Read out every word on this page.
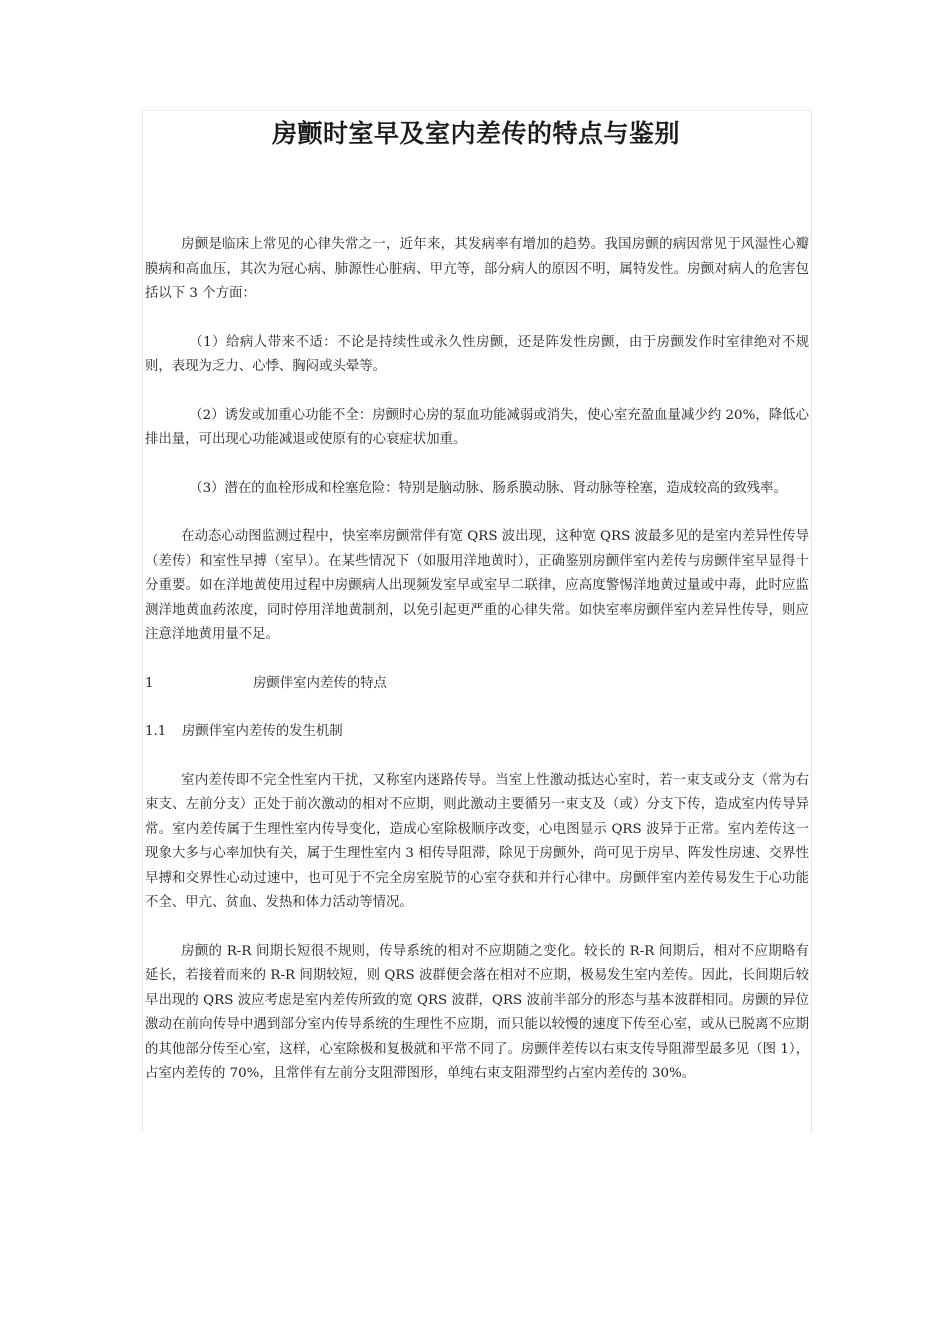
房颤时室早及室内差传的特点与鉴别

房颤是临床上常见的心律失常之一，近年来，其发病率有增加的趋势。我国房颤的病因常见于风湿性心瓣膜病和高血压，其次为冠心病、肺源性心脏病、甲亢等，部分病人的原因不明，属特发性。房颤对病人的危害包括以下 3 个方面：

（1）给病人带来不适：不论是持续性或永久性房颤，还是阵发性房颤，由于房颤发作时室律绝对不规则，表现为乏力、心悸、胸闷或头晕等。

（2）诱发或加重心功能不全：房颤时心房的泵血功能减弱或消失，使心室充盈血量减少约 20%，降低心排出量，可出现心功能减退或使原有的心衰症状加重。

（3）潜在的血栓形成和栓塞危险：特别是脑动脉、肠系膜动脉、肾动脉等栓塞，造成较高的致残率。

在动态心动图监测过程中，快室率房颤常伴有宽 QRS 波出现，这种宽 QRS 波最多见的是室内差异性传导（差传）和室性早搏（室早）。在某些情况下（如服用洋地黄时），正确鉴别房颤伴室内差传与房颤伴室早显得十分重要。如在洋地黄使用过程中房颤病人出现频发室早或室早二联律，应高度警惕洋地黄过量或中毒，此时应监测洋地黄血药浓度，同时停用洋地黄制剂，以免引起更严重的心律失常。如快室率房颤伴室内差异性传导，则应注意洋地黄用量不足。

1	房颤伴室内差传的特点
1.1	房颤伴室内差传的发生机制

室内差传即不完全性室内干扰，又称室内迷路传导。当室上性激动抵达心室时，若一束支或分支（常为右束支、左前分支）正处于前次激动的相对不应期，则此激动主要循另一束支及（或）分支下传，造成室内传导异常。室内差传属于生理性室内传导变化，造成心室除极顺序改变，心电图显示 QRS 波异于正常。室内差传这一现象大多与心率加快有关，属于生理性室内 3 相传导阻滞，除见于房颤外，尚可见于房早、阵发性房速、交界性早搏和交界性心动过速中，也可见于不完全房室脱节的心室夺获和并行心律中。房颤伴室内差传易发生于心功能不全、甲亢、贫血、发热和体力活动等情况。

房颤的 R-R 间期长短很不规则，传导系统的相对不应期随之变化。较长的 R-R 间期后，相对不应期略有延长，若接着而来的 R-R 间期较短，则 QRS 波群便会落在相对不应期，极易发生室内差传。因此，长间期后较早出现的 QRS 波应考虑是室内差传所致的宽 QRS 波群，QRS 波前半部分的形态与基本波群相同。房颤的异位激动在前向传导中遇到部分室内传导系统的生理性不应期，而只能以较慢的速度下传至心室，或从已脱离不应期的其他部分传至心室，这样，心室除极和复极就和平常不同了。房颤伴差传以右束支传导阻滞型最多见（图 1），占室内差传的 70%，且常伴有左前分支阻滞图形，单纯右束支阻滞型约占室内差传的 30%。
